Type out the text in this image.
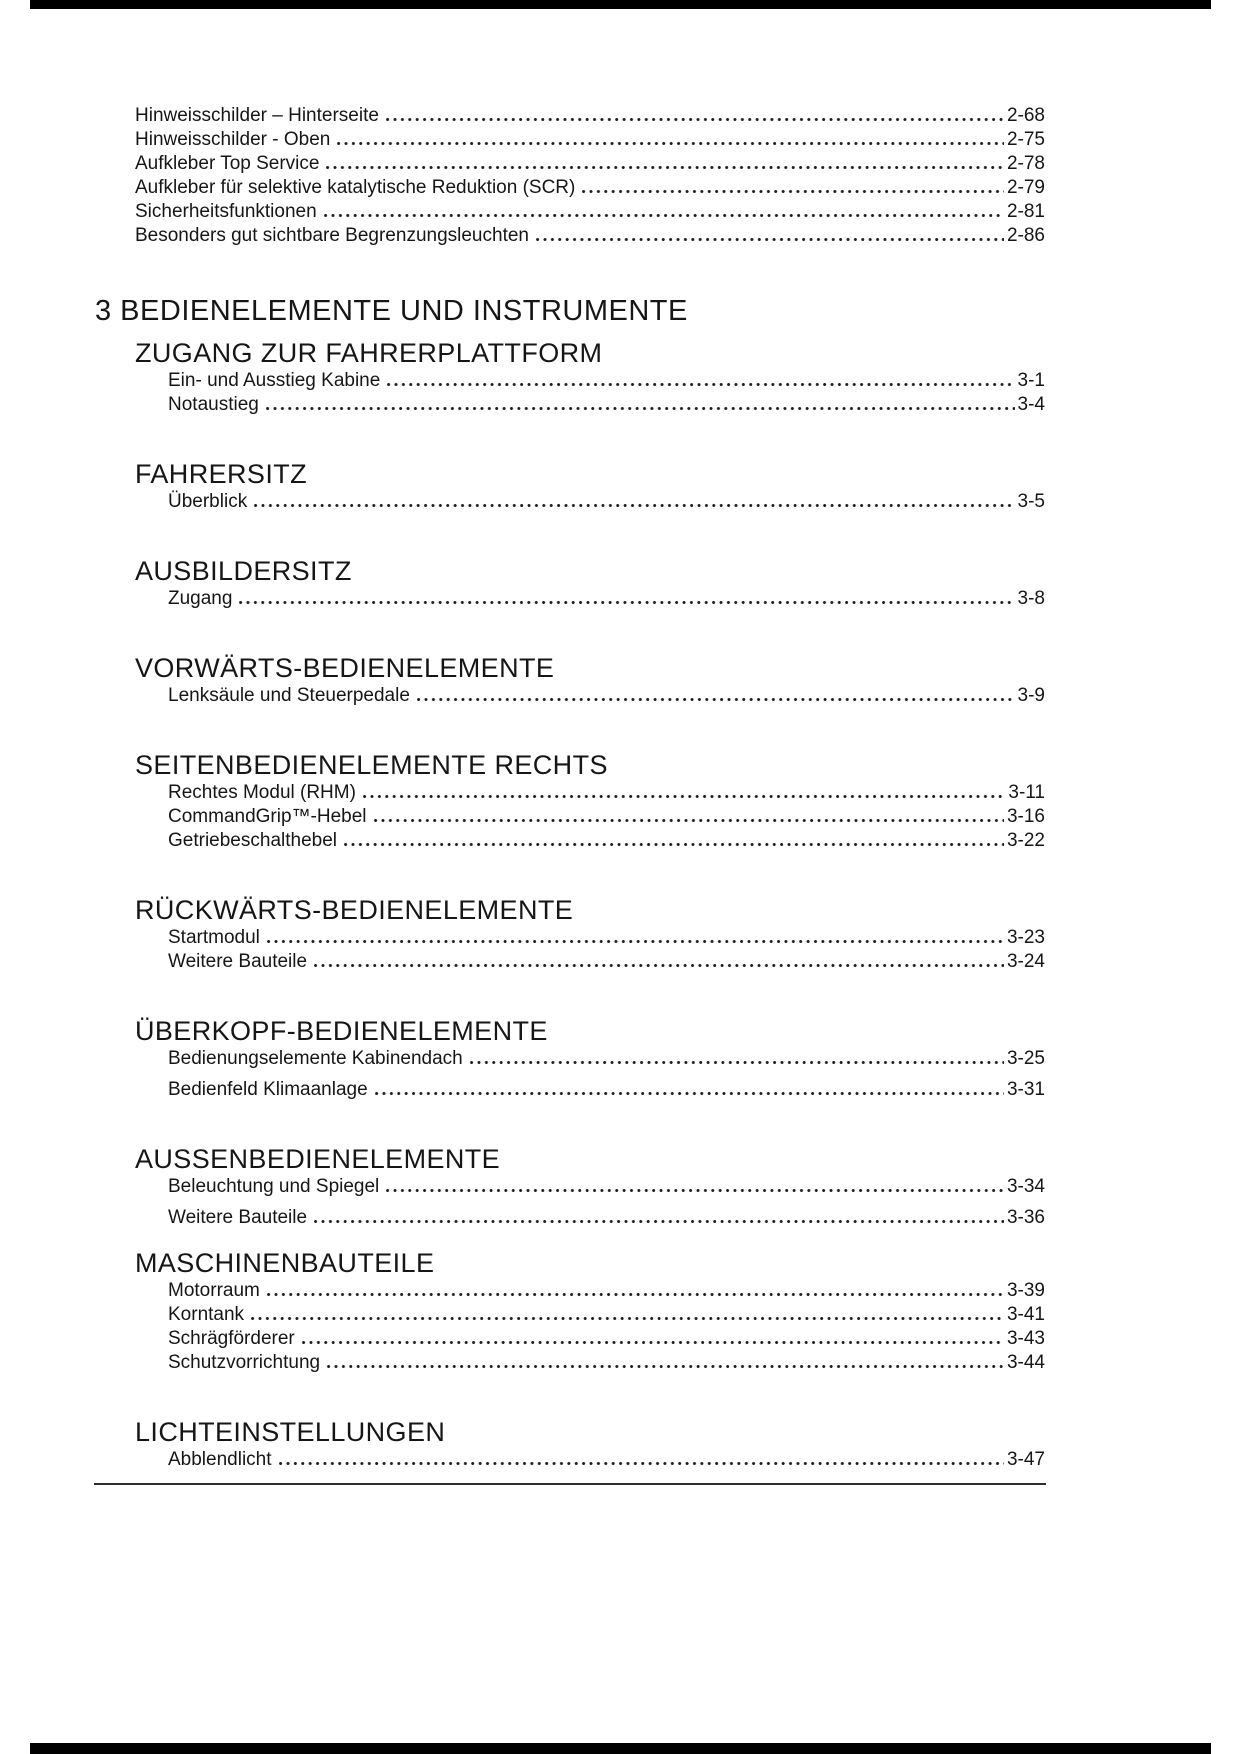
Hinweisschilder – Hinterseite	2-68
Hinweisschilder - Oben	2-75
Aufkleber Top Service	2-78
Aufkleber für selektive katalytische Reduktion (SCR)	2-79
Sicherheitsfunktionen	2-81
Besonders gut sichtbare Begrenzungsleuchten	2-86
3 BEDIENELEMENTE UND INSTRUMENTE
ZUGANG ZUR FAHRERPLATTFORM
Ein- und Ausstieg Kabine	3-1
Notaustieg	3-4
FAHRERSITZ
Überblick	3-5
AUSBILDERSITZ
Zugang	3-8
VORWÄRTS-BEDIENELEMENTE
Lenksäule und Steuerpedale	3-9
SEITENBEDIENELEMENTE RECHTS
Rechtes Modul (RHM)	3-11
CommandGrip™-Hebel	3-16
Getriebeschalthebel	3-22
RÜCKWÄRTS-BEDIENELEMENTE
Startmodul	3-23
Weitere Bauteile	3-24
ÜBERKOPF-BEDIENELEMENTE
Bedienungselemente Kabinendach	3-25
Bedienfeld Klimaanlage	3-31
AUSSENBEDIENELEMENTE
Beleuchtung und Spiegel	3-34
Weitere Bauteile	3-36
MASCHINENBAUTEILE
Motorraum	3-39
Korntank	3-41
Schrägförderer	3-43
Schutzvorrichtung	3-44
LICHTEINSTELLUNGEN
Abblendlicht	3-47
